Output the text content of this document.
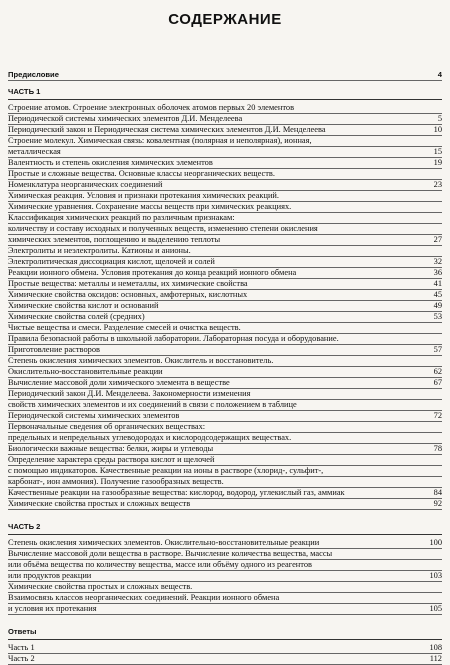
СОДЕРЖАНИЕ
Предисловие	4
ЧАСТЬ 1
Строение атомов. Строение электронных оболочек атомов первых 20 элементов
Периодической системы химических элементов Д.И. Менделеева	5
Периодический закон и Периодическая система химических элементов Д.И. Менделеева	10
Строение молекул. Химическая связь: ковалентная (полярная и неполярная), ионная,
металлическая	15
Валентность и степень окисления химических элементов	19
Простые и сложные вещества. Основные классы неорганических веществ.
Номенклатура неорганических соединений	23
Химическая реакция. Условия и признаки протекания химических реакций.
Химические уравнения. Сохранение массы веществ при химических реакциях.
Классификация химических реакций по различным признакам:
количеству и составу исходных и полученных веществ, изменению степени окисления
химических элементов, поглощению и выделению теплоты	27
Электролиты и неэлектролиты. Катионы и анионы.
Электролитическая диссоциация кислот, щелочей и солей	32
Реакции ионного обмена. Условия протекания до конца реакций ионного обмена	36
Простые вещества: металлы и неметаллы, их химические свойства	41
Химические свойства оксидов: основных, амфотерных, кислотных	45
Химические свойства кислот и оснований	49
Химические свойства солей (средних)	53
Чистые вещества и смеси. Разделение смесей и очистка веществ.
Правила безопасной работы в школьной лаборатории. Лабораторная посуда и оборудование.
Приготовление растворов	57
Степень окисления химических элементов. Окислитель и восстановитель.
Окислительно-восстановительные реакции	62
Вычисление массовой доли химического элемента в веществе	67
Периодический закон Д.И. Менделеева. Закономерности изменения
свойств химических элементов и их соединений в связи с положением в таблице
Периодической системы химических элементов	72
Первоначальные сведения об органических веществах:
предельных и непредельных углеводородах и кислородсодержащих веществах.
Биологически важные вещества: белки, жиры и углеводы	78
Определение характера среды раствора кислот и щелочей
с помощью индикаторов. Качественные реакции на ионы в растворе (хлорид-, сульфит-,
карбонат-, ион аммония). Получение газообразных веществ.
Качественные реакции на газообразные вещества: кислород, водород, углекислый газ, аммиак	84
Химические свойства простых и сложных веществ	92
ЧАСТЬ 2
Степень окисления химических элементов. Окислительно-восстановительные реакции	100
Вычисление массовой доли вещества в растворе. Вычисление количества вещества, массы
или объёма вещества по количеству вещества, массе или объёму одного из реагентов
или продуктов реакции	103
Химические свойства простых и сложных веществ.
Взаимосвязь классов неорганических соединений. Реакции ионного обмена
и условия их протекания	105
Ответы
Часть 1	108
Часть 2	112
